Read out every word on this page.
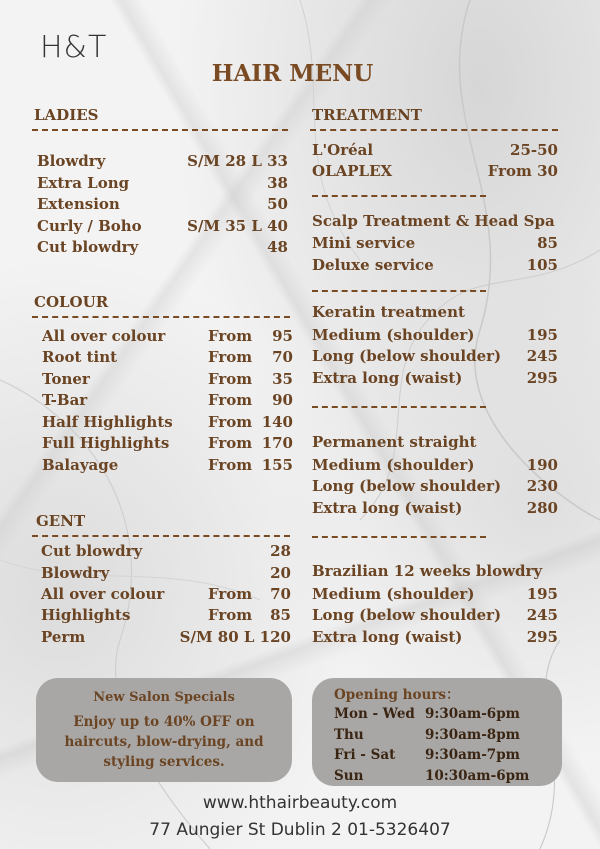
H&T
HAIR MENU
LADIES
Blowdry	S/M 28 L 33
Extra Long	38
Extension	50
Curly / Boho	S/M 35 L 40
Cut blowdry	48
COLOUR
All over colour	From 95
Root tint	From 70
Toner	From 35
T-Bar	From 90
Half Highlights From 140
Full Highlights	From 170
Balayage	From 155
GENT
Cut blowdry	28
Blowdry	20
All over colour	From 70
Highlights	From 85
Perm	S/M 80 L 120
TREATMENT
L'Oréal	25-50
OLAPLEX	From 30
Scalp Treatment & Head Spa
Mini service	85
Deluxe service	105
Keratin treatment
Medium (shoulder)	195
Long (below shoulder) 245
Extra long (waist)	295
Permanent straight
Medium (shoulder)	190
Long (below shoulder) 230
Extra long (waist)	280
Brazilian 12 weeks blowdry
Medium (shoulder)	195
Long (below shoulder) 245
Extra long (waist)	295
New Salon Specials
Enjoy up to 40% OFF on
haircuts, blow-drying, and
styling services.
Opening hours：
Mon - Wed 9:30am-6pm
Thu	9:30am-8pm
Fri - Sat 9:30am-7pm
Sun	10:30am-6pm
www.hthairbeauty.com
77 Aungier St Dublin 2 01-5326407
